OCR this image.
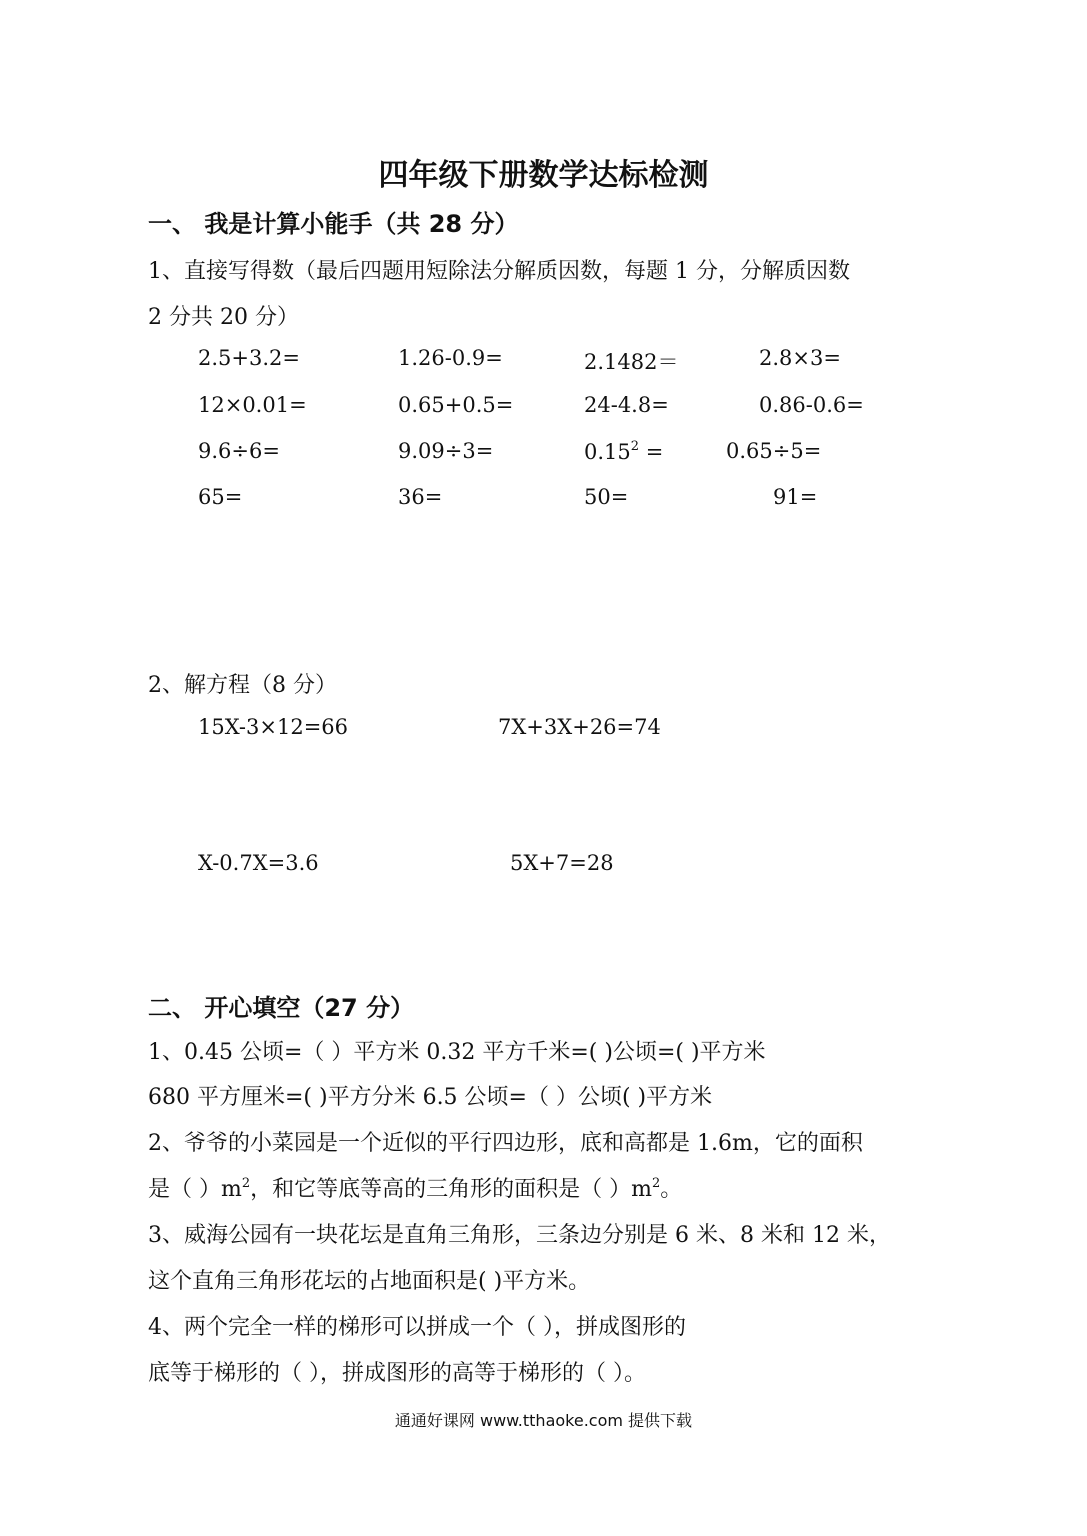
四年级下册数学达标检测
一、 我是计算小能手（共 28 分）
1、直接写得数（最后四题用短除法分解质因数，每题 1 分，分解质因数
2 分共 20 分）
2.5+3.2=	1.26-0.9=	2.1482＝	2.8×3=
12×0.01=	0.65+0.5=	24-4.8=	0.86-0.6=
9.6÷6=	9.09÷3=	$0.15^2$ =	0.65÷5=
65=	36=	50=	91=
2、解方程（8 分）
15X-3×12=66	7X+3X+26=74
X-0.7X=3.6	5X+7=28
二、 开心填空（27 分）
1、0.45 公顷=（ ）平方米 0.32 平方千米=( )公顷=( )平方米
680 平方厘米=( )平方分米 6.5 公顷=（ ）公顷( )平方米
2、爷爷的小菜园是一个近似的平行四边形，底和高都是 1.6m，它的面积
是（ ）$m^2$，和它等底等高的三角形的面积是（ ）$m^2$。
3、威海公园有一块花坛是直角三角形，三条边分别是 6 米、8 米和 12 米，
这个直角三角形花坛的占地面积是( )平方米。
4、两个完全一样的梯形可以拼成一个（ ），拼成图形的
底等于梯形的（ ），拼成图形的高等于梯形的（ ）。
通通好课网 www.tthaoke.com 提供下载
